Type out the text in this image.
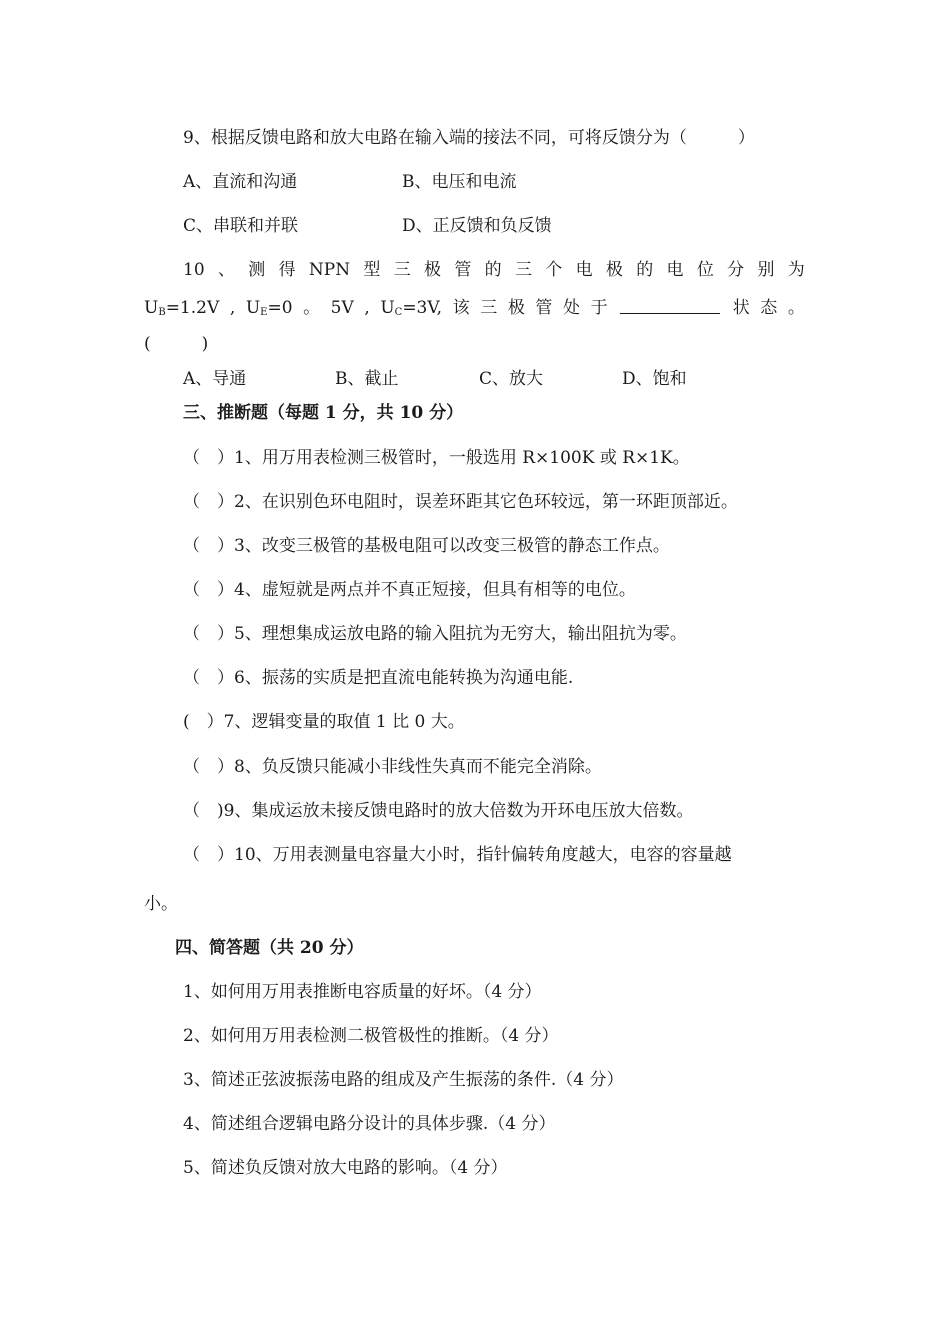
9、根据反馈电路和放大电路在输入端的接法不同，可将反馈分为（　　　）
A、直流和沟通	B、电压和电流
C、串联和并联	D、正反馈和负反馈
10 、 测 得 NPN 型 三 极 管 的 三 个 电 极 的 电 位 分 别 为
$U_B=1.2V$ , $U_E=0$ 。 5V , $U_C=3V$, 该 三 极 管 处 于	状 态 。
(　　　)
A、导通	B、截止	C、放大	D、饱和
三、推断题（每题 1 分，共 10 分）
（　）1、用万用表检测三极管时，一般选用 R×100K 或 R×1K。
（　）2、在识别色环电阻时，误差环距其它色环较远，第一环距顶部近。
（　）3、改变三极管的基极电阻可以改变三极管的静态工作点。
（　）4、虚短就是两点并不真正短接，但具有相等的电位。
（　）5、理想集成运放电路的输入阻抗为无穷大，输出阻抗为零。
（　）6、振荡的实质是把直流电能转换为沟通电能.
(　）7、逻辑变量的取值 1 比 0 大。
（　）8、负反馈只能减小非线性失真而不能完全消除。
（　)9、集成运放未接反馈电路时的放大倍数为开环电压放大倍数。
（　）10、万用表测量电容量大小时，指针偏转角度越大，电容的容量越
小。
四、简答题（共 20 分）
1、如何用万用表推断电容质量的好坏。（4 分）
2、如何用万用表检测二极管极性的推断。（4 分）
3、简述正弦波振荡电路的组成及产生振荡的条件.（4 分）
4、简述组合逻辑电路分设计的具体步骤.（4 分）
5、简述负反馈对放大电路的影响。（4 分）
